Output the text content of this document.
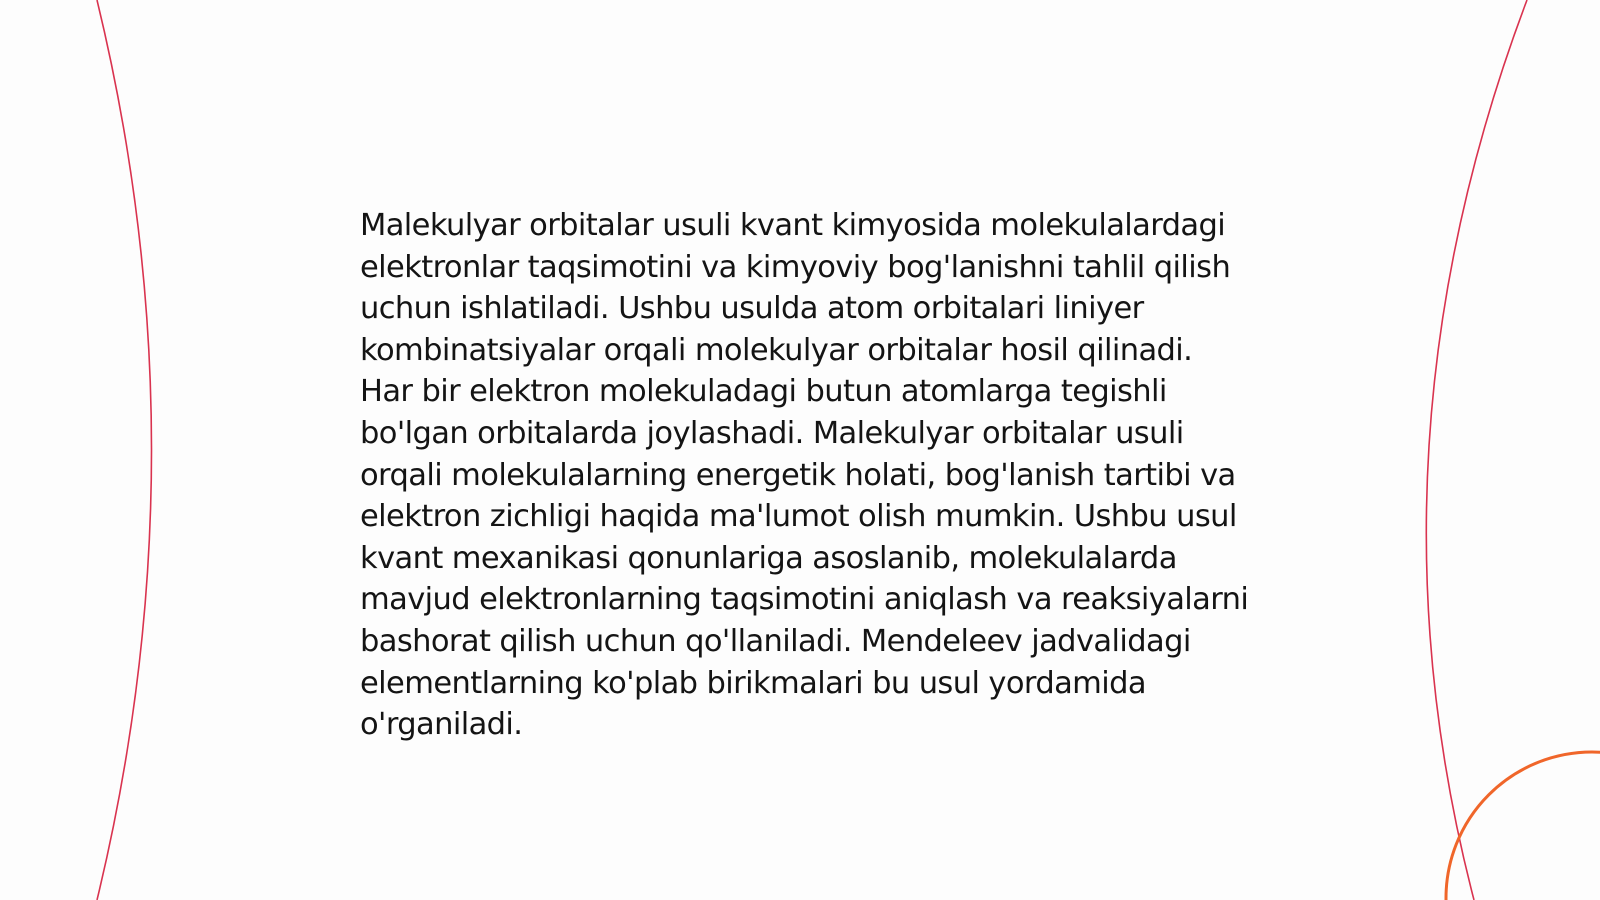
Malekulyar orbitalar usuli kvant kimyosida molekulalardagi elektronlar taqsimotini va kimyoviy bog'lanishni tahlil qilish uchun ishlatiladi. Ushbu usulda atom orbitalari liniyer kombinatsiyalar orqali molekulyar orbitalar hosil qilinadi. Har bir elektron molekuladagi butun atomlarga tegishli bo'lgan orbitalarda joylashadi. Malekulyar orbitalar usuli orqali molekulalarning energetik holati, bog'lanish tartibi va elektron zichligi haqida ma'lumot olish mumkin. Ushbu usul kvant mexanikasi qonunlariga asoslanib, molekulalarda mavjud elektronlarning taqsimotini aniqlash va reaksiyalarni bashorat qilish uchun qo'llaniladi. Mendeleev jadvalidagi elementlarning ko'plab birikmalari bu usul yordamida o'rganiladi.
